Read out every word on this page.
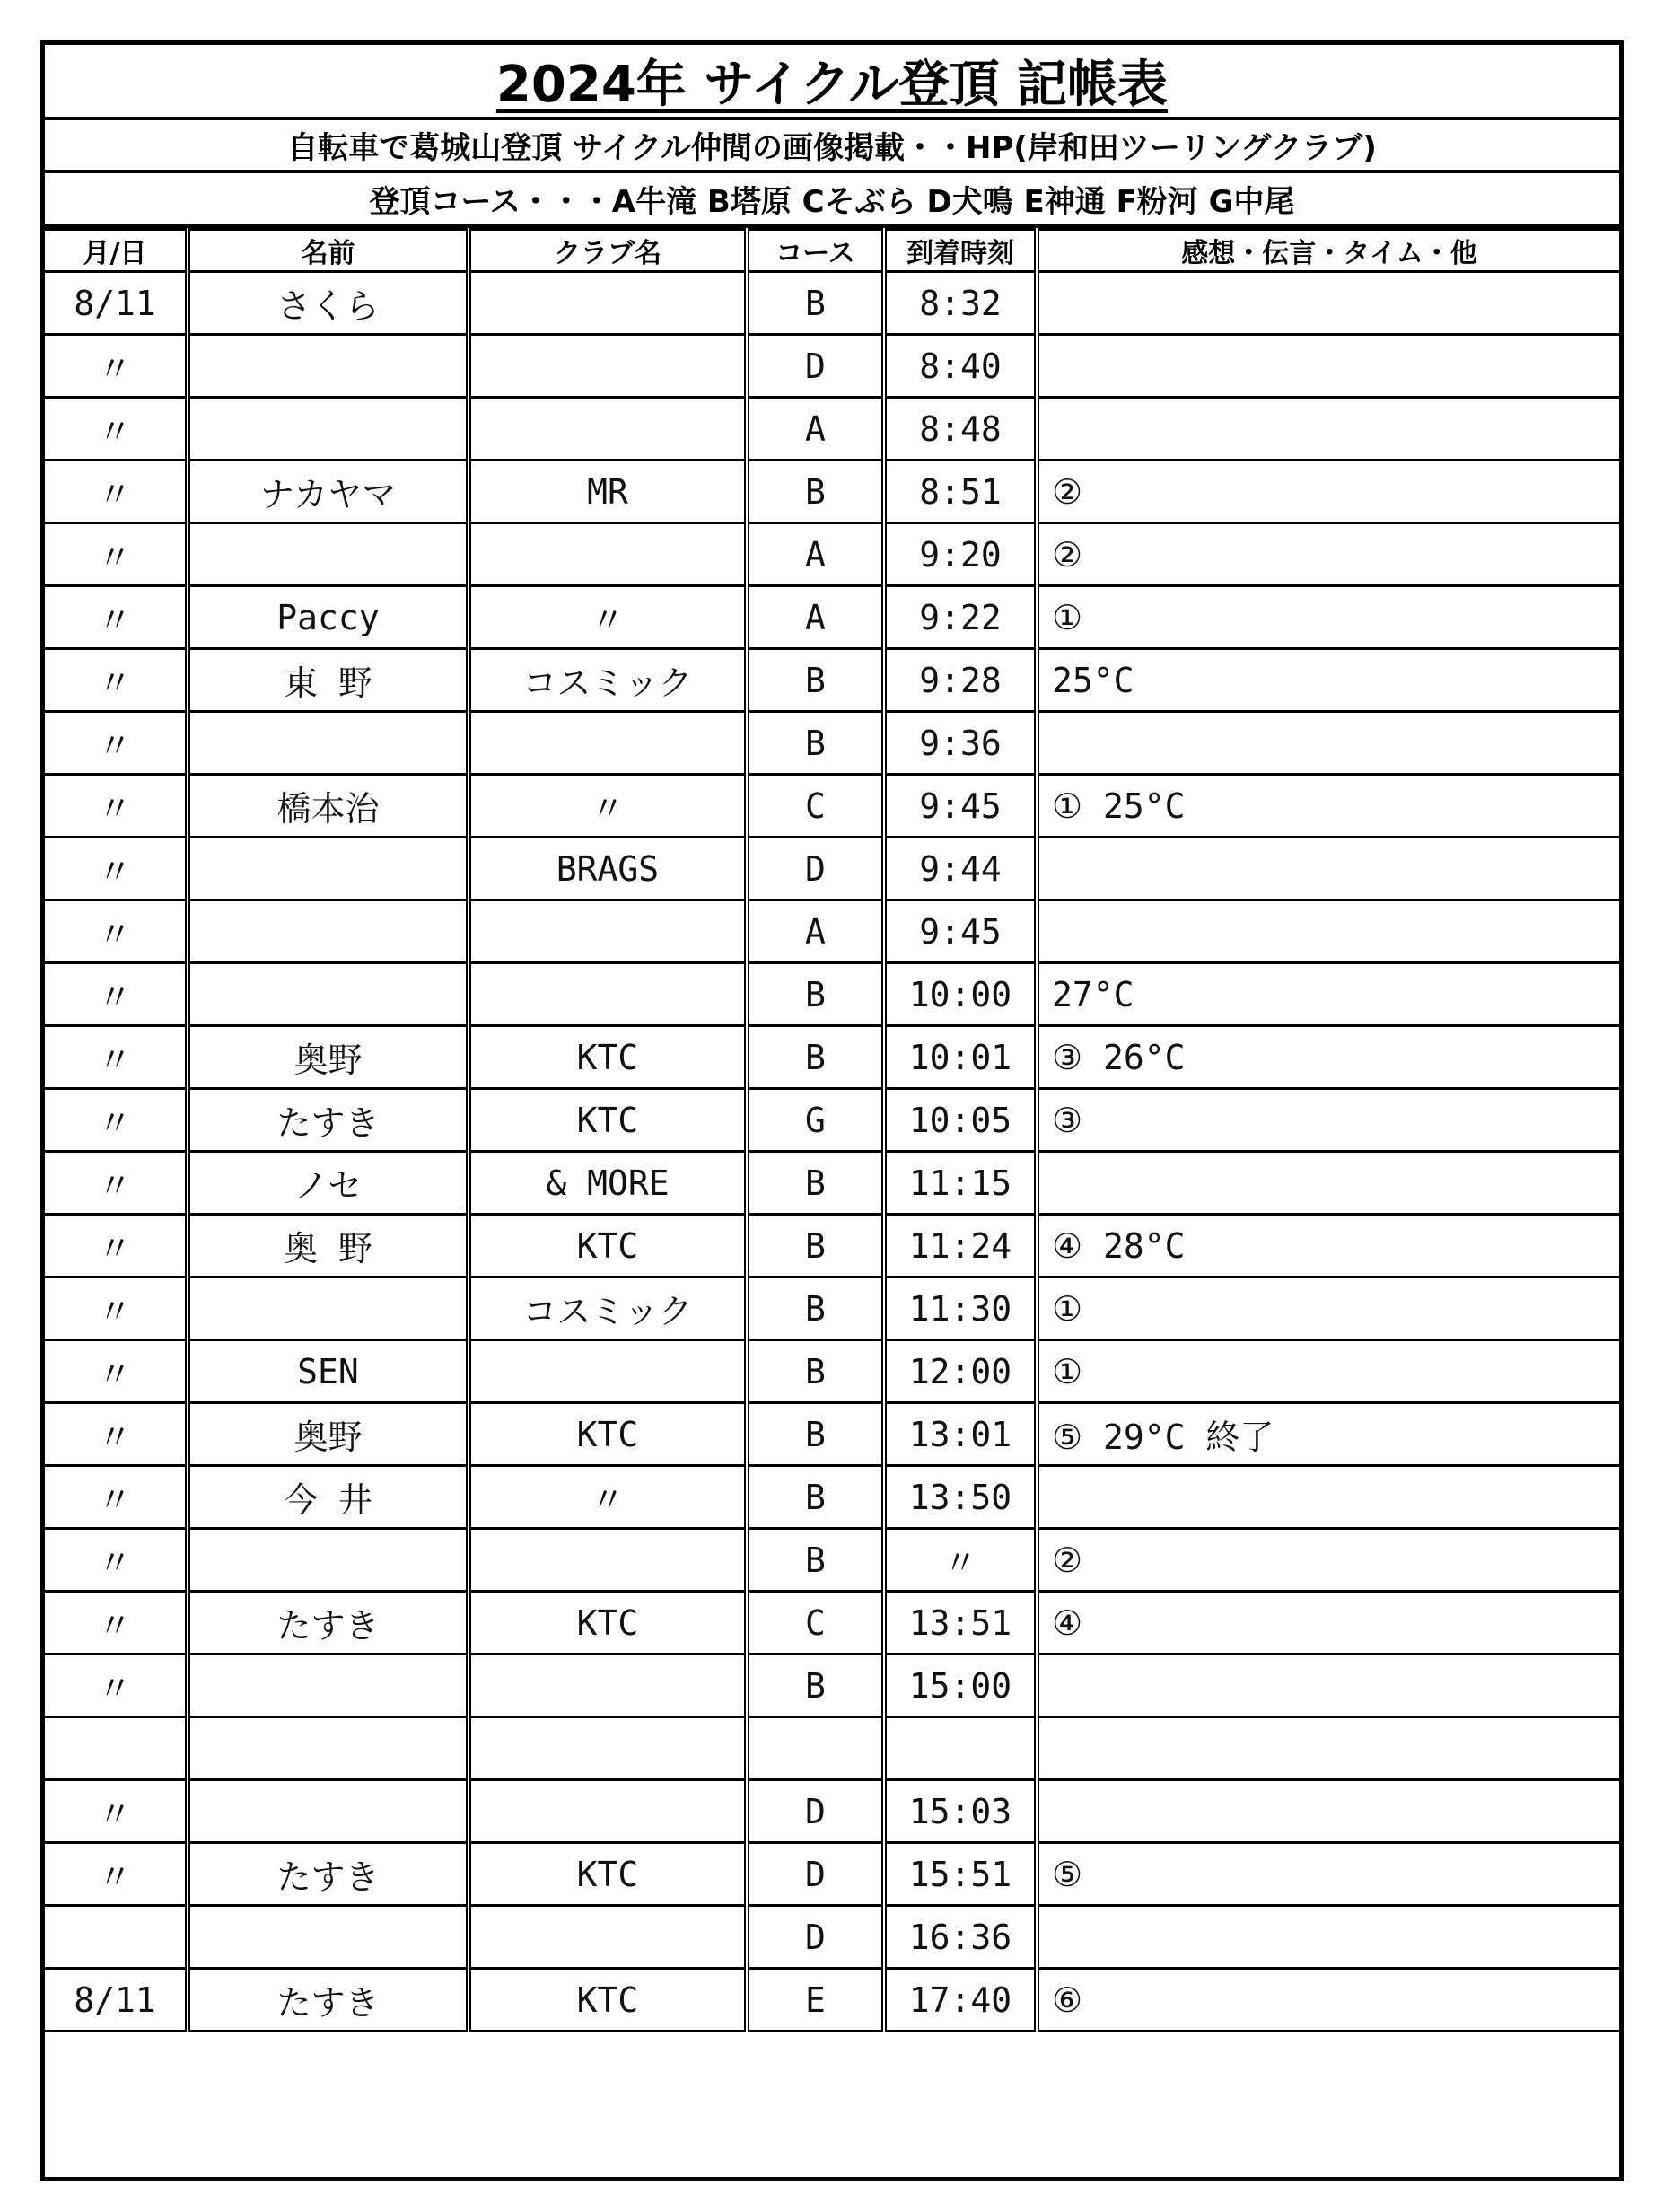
2024年 サイクル登頂 記帳表
自転車で葛城山登頂 サイクル仲間の画像掲載・・HP(岸和田ツーリングクラブ)
登頂コース・・・A牛滝 B塔原 Cそぶら D犬鳴 E神通 F粉河 G中尾
月/日	名前	クラブ名	コース	到着時刻	感想・伝言・タイム・他
8/11	さくら		B	8:32	
〃			D	8:40	
〃			A	8:48	
〃	ナカヤマ	MR	B	8:51	②
〃			A	9:20	②
〃	Paccy	〃	A	9:22	①
〃	東 野	コスミック	B	9:28	25°C
〃			B	9:36	
〃	橋本治	〃	C	9:45	① 25°C
〃		BRAGS	D	9:44	
〃			A	9:45	
〃			B	10:00	27°C
〃	奥野	KTC	B	10:01	③ 26°C
〃	たすき	KTC	G	10:05	③
〃	ノセ	& MORE	B	11:15	
〃	奥 野	KTC	B	11:24	④ 28°C
〃		コスミック	B	11:30	①
〃	SEN		B	12:00	①
〃	奥野	KTC	B	13:01	⑤ 29°C 終了
〃	今 井	〃	B	13:50	
〃			B	〃	②
〃	たすき	KTC	C	13:51	④
〃			B	15:00	

〃			D	15:03	
〃	たすき	KTC	D	15:51	⑤
			D	16:36	
8/11	たすき	KTC	E	17:40	⑥
